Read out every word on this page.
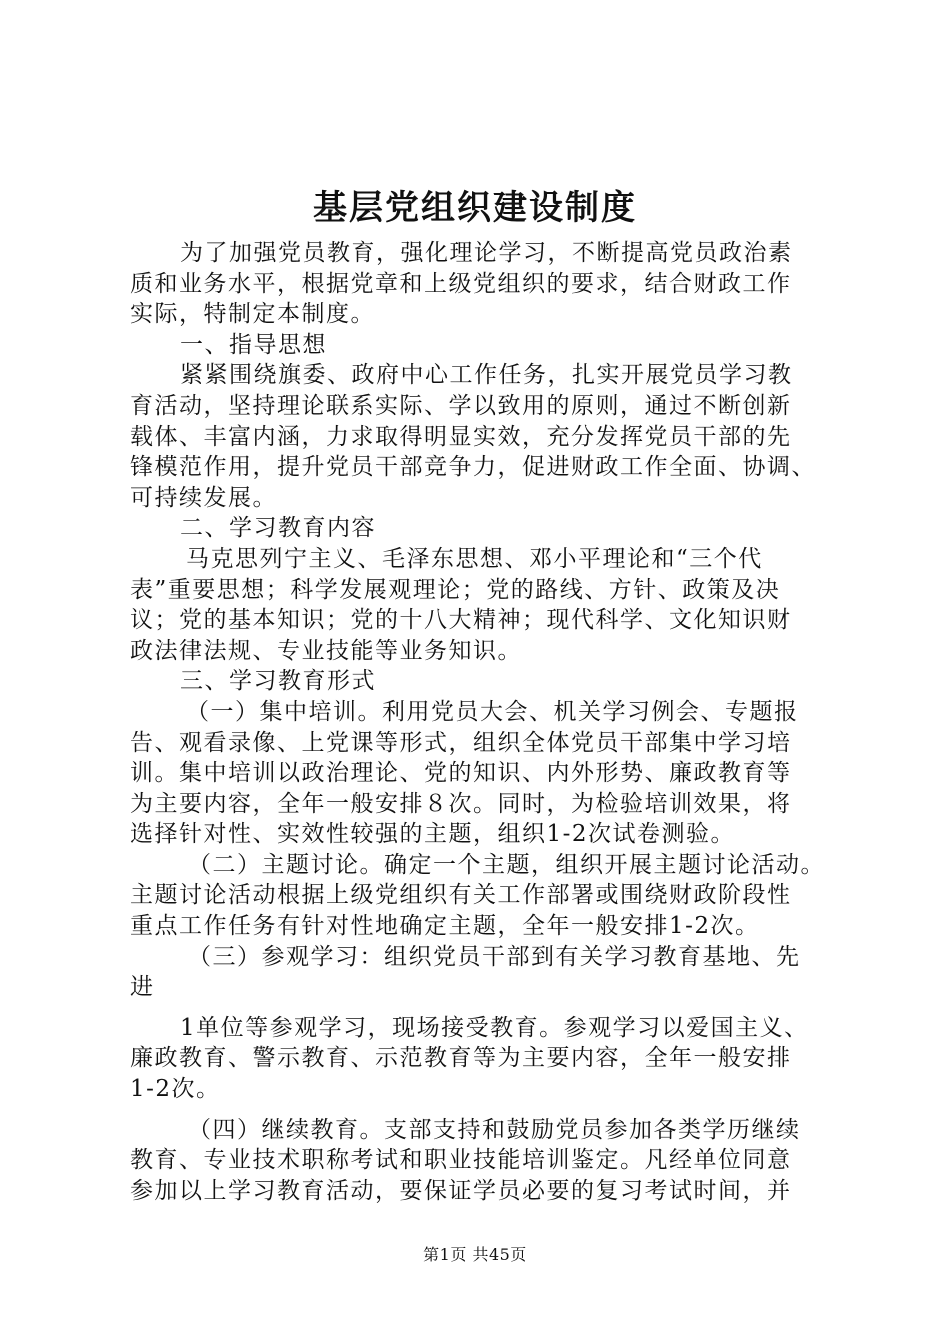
基层党组织建设制度
为了加强党员教育，强化理论学习，不断提高党员政治素
质和业务水平，根据党章和上级党组织的要求，结合财政工作
实际，特制定本制度。
一、指导思想
紧紧围绕旗委、政府中心工作任务，扎实开展党员学习教
育活动，坚持理论联系实际、学以致用的原则，通过不断创新
载体、丰富内涵，力求取得明显实效，充分发挥党员干部的先
锋模范作用，提升党员干部竞争力，促进财政工作全面、协调、
可持续发展。
二、学习教育内容
马克思列宁主义、毛泽东思想、邓小平理论和“三个代
表”重要思想；科学发展观理论；党的路线、方针、政策及决
议；党的基本知识；党的十八大精神；现代科学、文化知识财
政法律法规、专业技能等业务知识。
三、学习教育形式
（一）集中培训。利用党员大会、机关学习例会、专题报
告、观看录像、上党课等形式，组织全体党员干部集中学习培
训。集中培训以政治理论、党的知识、内外形势、廉政教育等
为主要内容，全年一般安排８次。同时，为检验培训效果，将
选择针对性、实效性较强的主题，组织1-2次试卷测验。
（二）主题讨论。确定一个主题，组织开展主题讨论活动。
主题讨论活动根据上级党组织有关工作部署或围绕财政阶段性
重点工作任务有针对性地确定主题，全年一般安排1-2次。
（三）参观学习：组织党员干部到有关学习教育基地、先
进
1单位等参观学习，现场接受教育。参观学习以爱国主义、
廉政教育、警示教育、示范教育等为主要内容，全年一般安排
1-2次。
（四）继续教育。支部支持和鼓励党员参加各类学历继续
教育、专业技术职称考试和职业技能培训鉴定。凡经单位同意
参加以上学习教育活动，要保证学员必要的复习考试时间，并
第1页 共45页
